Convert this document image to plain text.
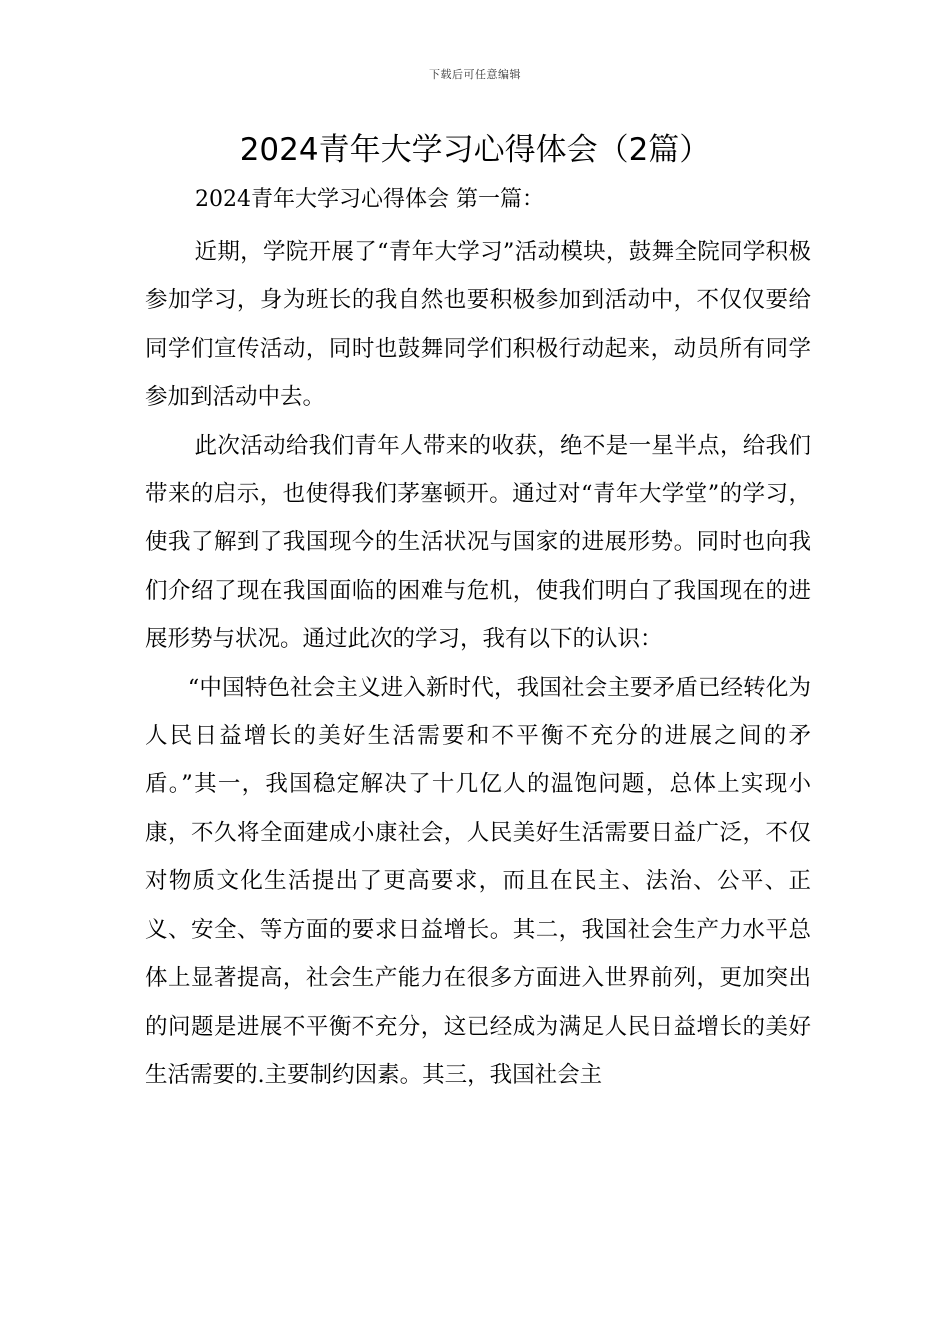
下载后可任意编辑
2024青年大学习心得体会（2篇）
2024青年大学习心得体会 第一篇：

近期，学院开展了“青年大学习”活动模块，鼓舞全院同学积极参加学习，身为班长的我自然也要积极参加到活动中，不仅仅要给同学们宣传活动，同时也鼓舞同学们积极行动起来，动员所有同学参加到活动中去。

此次活动给我们青年人带来的收获，绝不是一星半点，给我们带来的启示，也使得我们茅塞顿开。通过对“青年大学堂”的学习，使我了解到了我国现今的生活状况与国家的进展形势。同时也向我们介绍了现在我国面临的困难与危机，使我们明白了我国现在的进展形势与状况。通过此次的学习，我有以下的认识：

“中国特色社会主义进入新时代，我国社会主要矛盾已经转化为人民日益增长的美好生活需要和不平衡不充分的进展之间的矛盾。”其一，我国稳定解决了十几亿人的温饱问题，总体上实现小康，不久将全面建成小康社会，人民美好生活需要日益广泛，不仅对物质文化生活提出了更高要求，而且在民主、法治、公平、正义、安全、等方面的要求日益增长。其二，我国社会生产力水平总体上显著提高，社会生产能力在很多方面进入世界前列，更加突出的问题是进展不平衡不充分，这已经成为满足人民日益增长的美好生活需要的.主要制约因素。其三，我国社会主
